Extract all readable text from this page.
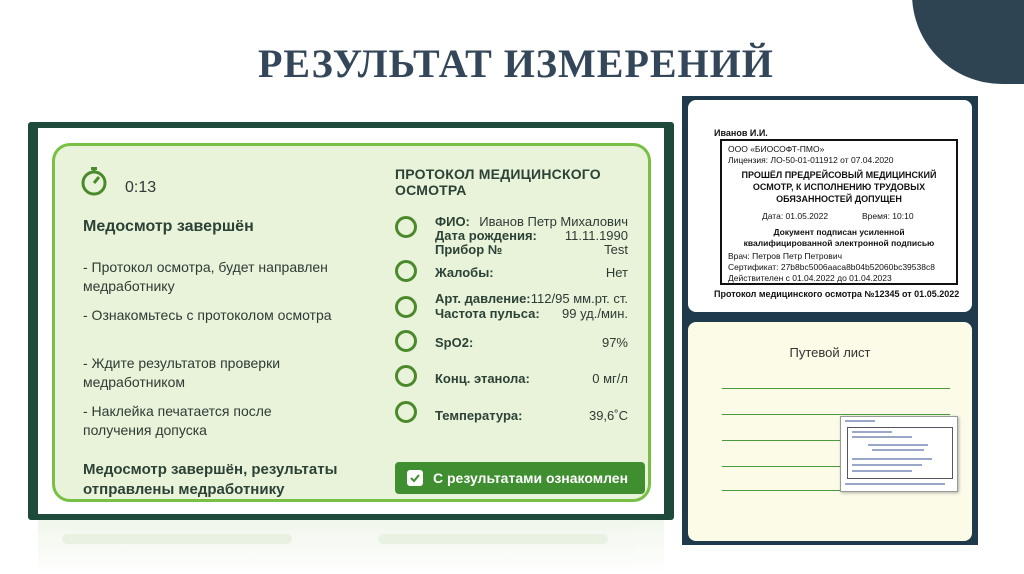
РЕЗУЛЬТАТ ИЗМЕРЕНИЙ
0:13
Медосмотр завершён
- Протокол осмотра, будет направлен медработнику
- Ознакомьтесь с протоколом осмотра
- Ждите результатов проверки медработником
- Наклейка печатается после получения допуска
Медосмотр завершён, результаты отправлены медработнику
ПРОТОКОЛ МЕДИЦИНСКОГО ОСМОТРА
ФИО: Иванов Петр Михалович
Дата рождения: 11.11.1990
Прибор №	Test
Жалобы:	Нет
Арт. давление: 112/95 мм.рт. ст.
Частота пульса: 99 уд./мин.
SpO2:	97%
Конц. этанола:	0 мг/л
Температура:	39,6˚С
С результатами ознакомлен
Иванов И.И.
ООО «БИОСОФТ-ПМО»
Лицензия: ЛО-50-01-011912 от 07.04.2020
ПРОШЁЛ ПРЕДРЕЙСОВЫЙ МЕДИЦИНСКИЙ
ОСМОТР, К ИСПОЛНЕНИЮ ТРУДОВЫХ
ОБЯЗАННОСТЕЙ ДОПУЩЕН
Дата: 01.05.2022	Время: 10:10
Документ подписан усиленной
квалифицированной электронной подписью
Врач: Петров Петр Петрович
Сертификат: 27b8bc5006aaca8b04b52060bc39538c8
Действителен с 01.04.2022 до 01.04.2023
Протокол медицинского осмотра №12345 от 01.05.2022
Путевой лист
